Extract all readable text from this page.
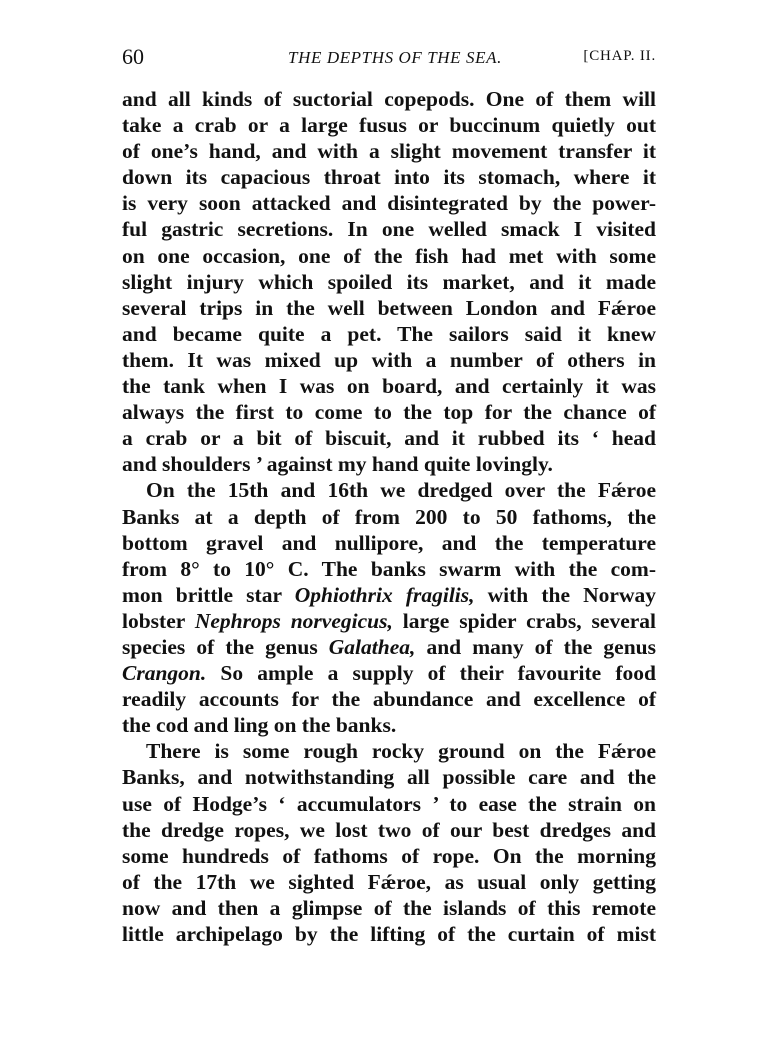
60	THE DEPTHS OF THE SEA.	[CHAP. II.

and all kinds of suctorial copepods. One of them will
take a crab or a large fusus or buccinum quietly out
of one’s hand, and with a slight movement transfer it
down its capacious throat into its stomach, where it
is very soon attacked and disintegrated by the power-
ful gastric secretions. In one welled smack I visited
on one occasion, one of the fish had met with some
slight injury which spoiled its market, and it made
several trips in the well between London and Fǽroe
and became quite a pet. The sailors said it knew
them. It was mixed up with a number of others in
the tank when I was on board, and certainly it was
always the first to come to the top for the chance of
a crab or a bit of biscuit, and it rubbed its ‘ head
and shoulders ’ against my hand quite lovingly.

On the 15th and 16th we dredged over the Fǽroe
Banks at a depth of from 200 to 50 fathoms, the
bottom gravel and nullipore, and the temperature
from 8° to 10° C. The banks swarm with the com-
mon brittle star Ophiothrix fragilis, with the Norway
lobster Nephrops norvegicus, large spider crabs, several
species of the genus Galathea, and many of the genus
Crangon. So ample a supply of their favourite food
readily accounts for the abundance and excellence of
the cod and ling on the banks.

There is some rough rocky ground on the Fǽroe
Banks, and notwithstanding all possible care and the
use of Hodge’s ‘ accumulators ’ to ease the strain on
the dredge ropes, we lost two of our best dredges and
some hundreds of fathoms of rope. On the morning
of the 17th we sighted Fǽroe, as usual only getting
now and then a glimpse of the islands of this remote
little archipelago by the lifting of the curtain of mist
